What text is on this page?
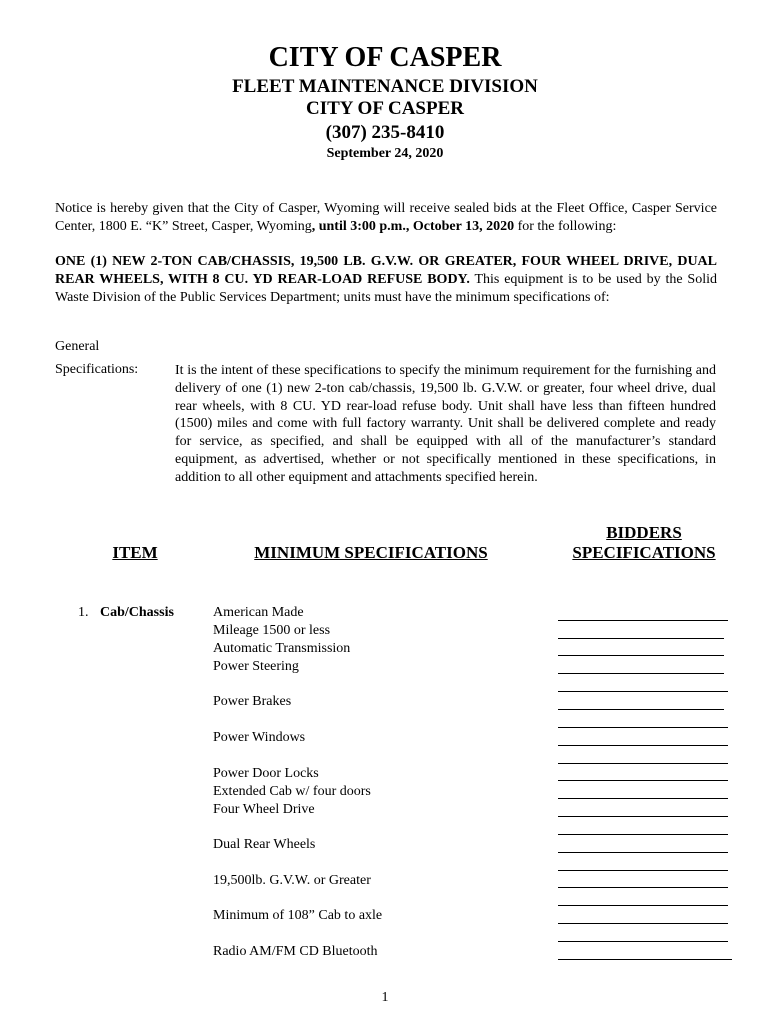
CITY OF CASPER
FLEET MAINTENANCE DIVISION
CITY OF CASPER
(307) 235-8410
September 24, 2020
Notice is hereby given that the City of Casper, Wyoming will receive sealed bids at the Fleet Office, Casper Service Center, 1800 E. “K” Street, Casper, Wyoming, until 3:00 p.m., October 13, 2020 for the following:
ONE (1) NEW 2-TON CAB/CHASSIS, 19,500 LB. G.V.W. OR GREATER, FOUR WHEEL DRIVE, DUAL REAR WHEELS, WITH 8 CU. YD REAR-LOAD REFUSE BODY. This equipment is to be used by the Solid Waste Division of the Public Services Department; units must have the minimum specifications of:
General
Specifications:	It is the intent of these specifications to specify the minimum requirement for the furnishing and delivery of one (1) new 2-ton cab/chassis, 19,500 lb. G.V.W. or greater, four wheel drive, dual rear wheels, with 8 CU. YD rear-load refuse body. Unit shall have less than fifteen hundred (1500) miles and come with full factory warranty. Unit shall be delivered complete and ready for service, as specified, and shall be equipped with all of the manufacturer’s standard equipment, as advertised, whether or not specifically mentioned in these specifications, in addition to all other equipment and attachments specified herein.
ITEM	MINIMUM SPECIFICATIONS
BIDDERS
SPECIFICATIONS
1. Cab/Chassis	American Made
Mileage 1500 or less
Automatic Transmission
Power Steering
Power Brakes
Power Windows
Power Door Locks
Extended Cab w/ four doors
Four Wheel Drive
Dual Rear Wheels
19,500lb. G.V.W. or Greater
Minimum of 108” Cab to axle
Radio AM/FM CD Bluetooth
1
